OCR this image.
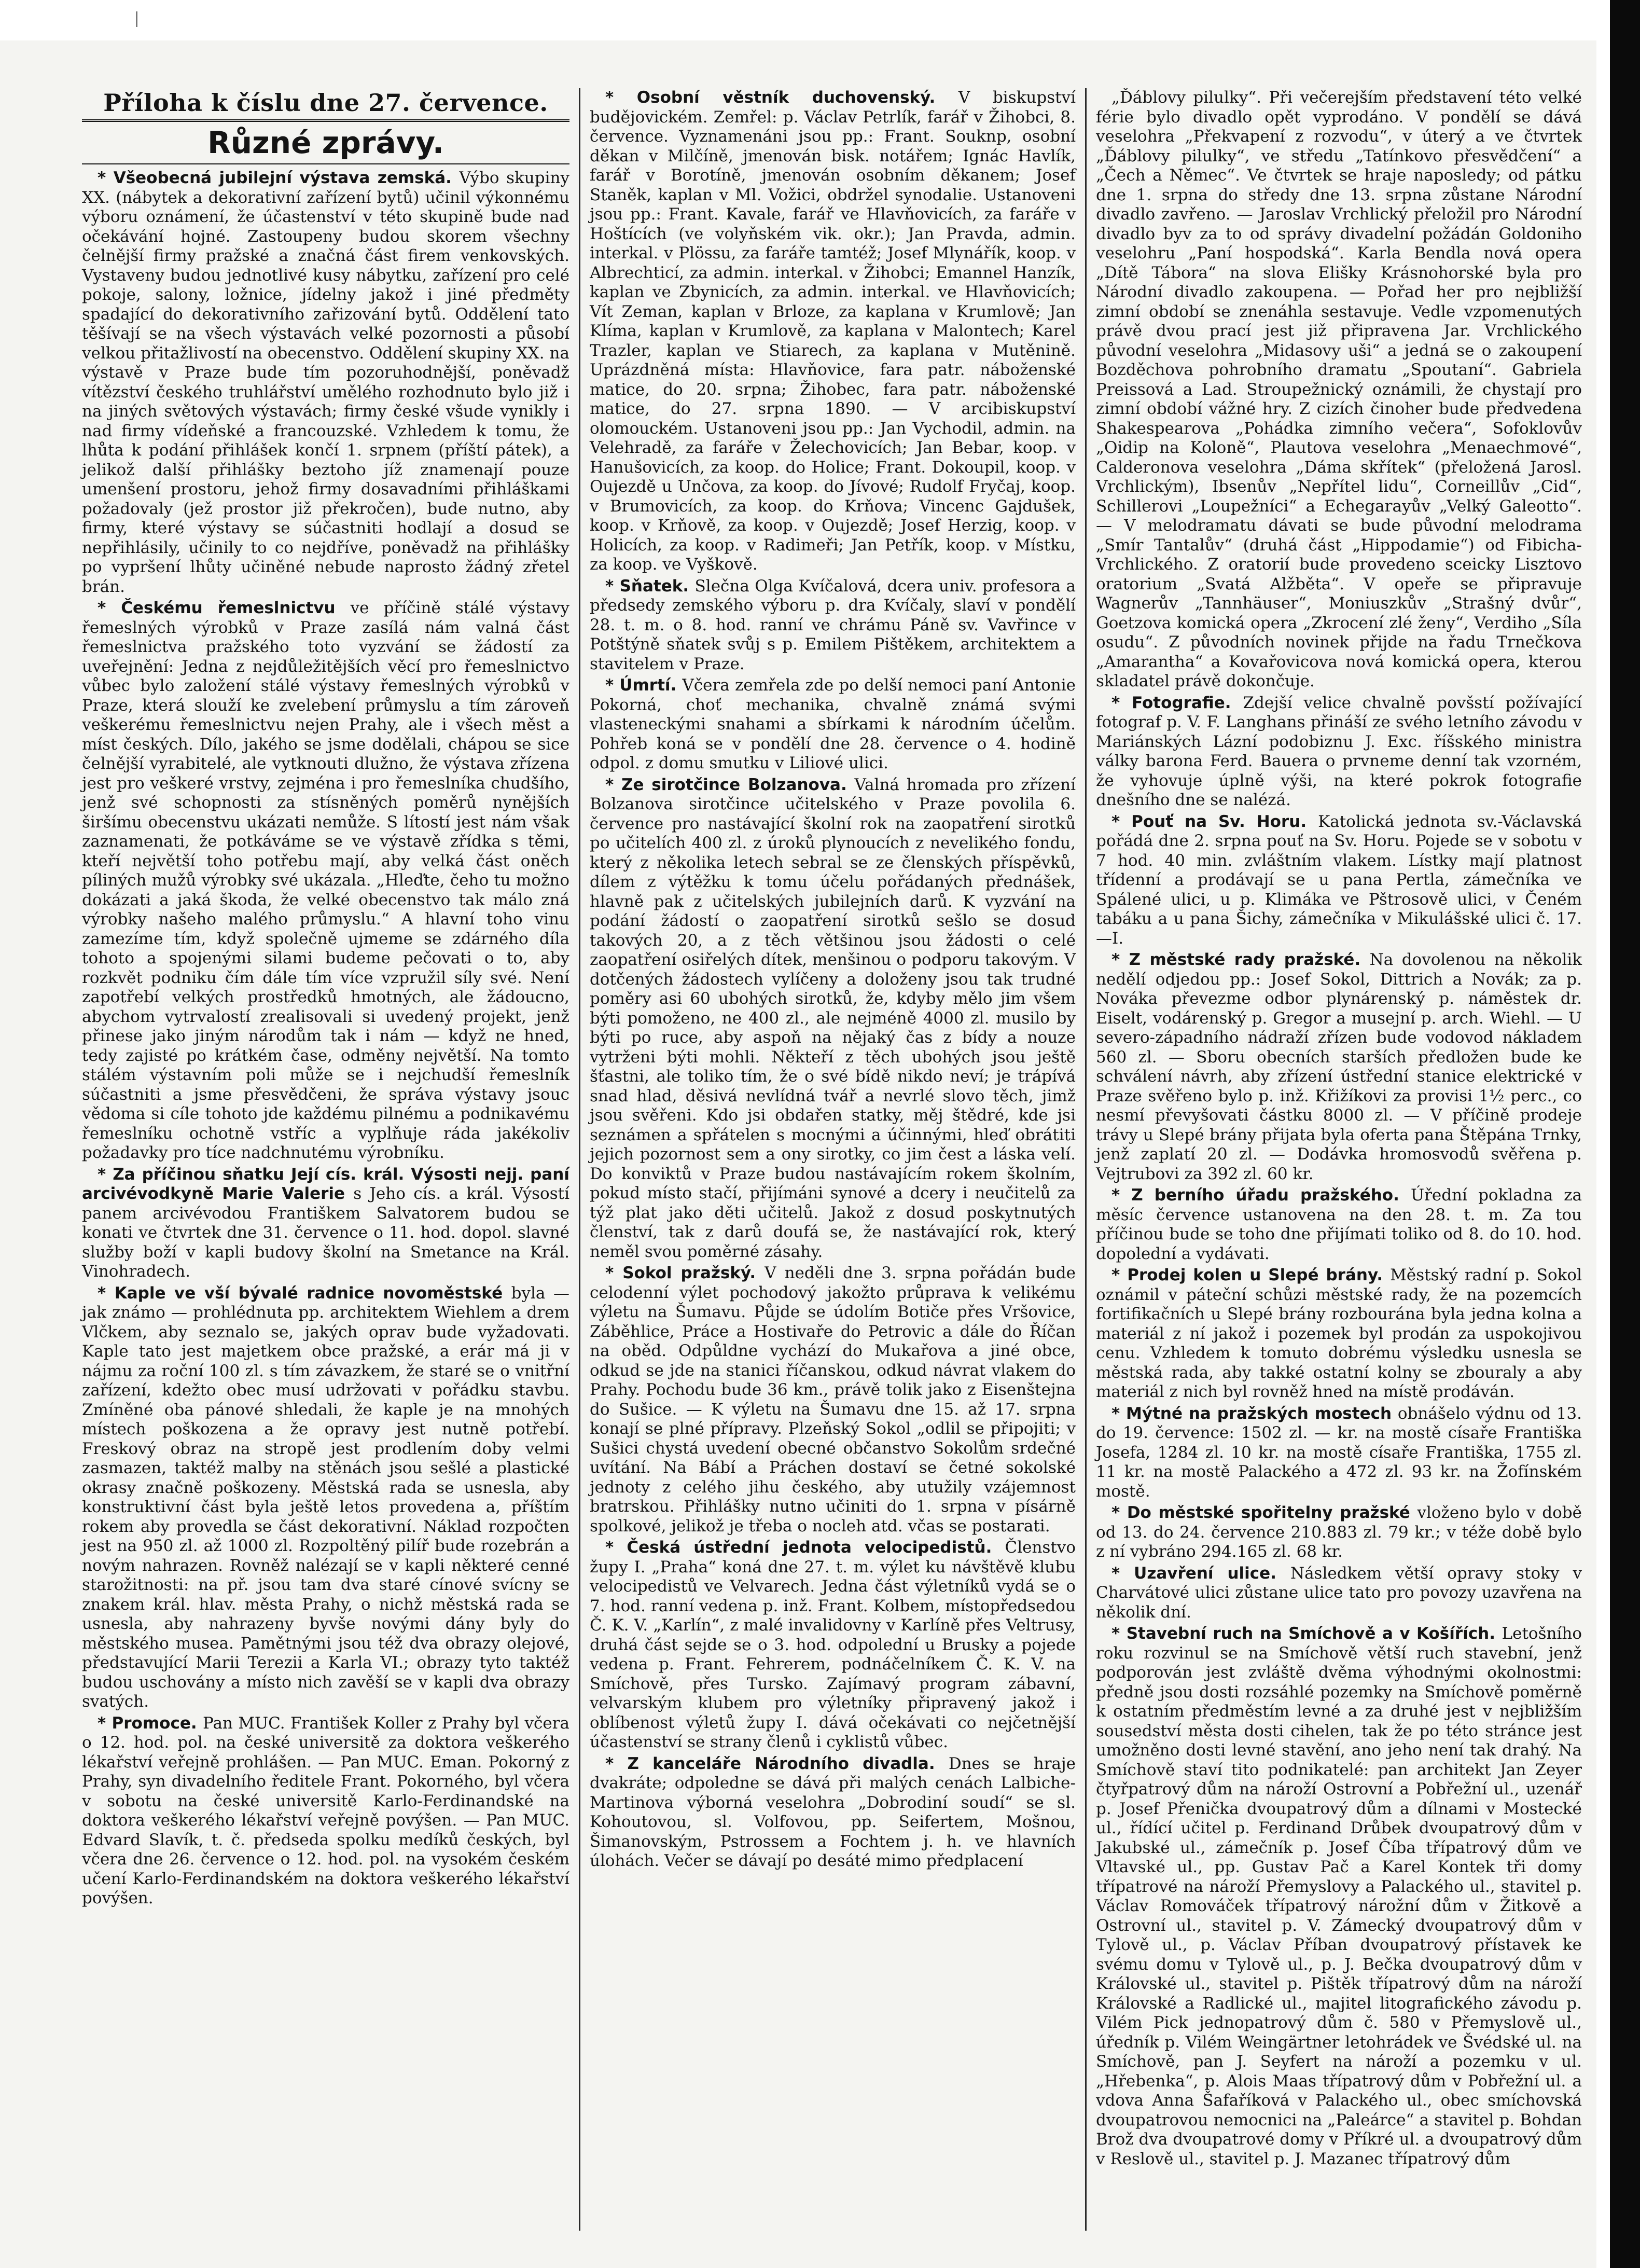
Příloha k číslu dne 27. července.
Různé zprávy.

* Všeobecná jubilejní výstava zemská. Výbo skupiny XX. (nábytek a dekorativní zařízení bytů) učinil výkonnému výboru oznámení, že účastenství v této skupině bude nad očekávání hojné. Zastoupeny budou skorem všechny čelnější firmy pražské a značná část firem venkovských. Vystaveny budou jednotlivé kusy nábytku, zařízení pro celé pokoje, salony, ložnice, jídelny jakož i jiné předměty spadající do dekorativního zařizování bytů. Oddělení tato těšívají se na všech výstavách velké pozornosti a působí velkou přitažlivostí na obecenstvo. Oddělení skupiny XX. na výstavě v Praze bude tím pozoruhodnější, poněvadž vítězství českého truhlářství umělého rozhodnuto bylo již i na jiných světových výstavách; firmy české všude vynikly i nad firmy vídeňské a francouzské. Vzhledem k tomu, že lhůta k podání přihlášek končí 1. srpnem (příští pátek), a jelikož další přihlášky beztoho jíž znamenají pouze umenšení prostoru, jehož firmy dosavadními přihláškami požadovaly (jež prostor již překročen), bude nutno, aby firmy, které výstavy se súčastniti hodlají a dosud se nepřihlásily, učinily to co nejdříve, poněvadž na přihlášky po vypršení lhůty učiněné nebude naprosto žádný zřetel brán.

* Českému řemeslnictvu ve příčině stálé výstavy řemeslných výrobků v Praze zasílá nám valná část řemeslnictva pražského toto vyzvání se žádostí za uveřejnění: Jedna z nejdůležitějších věcí pro řemeslnictvo vůbec bylo založení stálé výstavy řemeslných výrobků v Praze, která slouží ke zvelebení průmyslu a tím zároveň veškerému řemeslnictvu nejen Prahy, ale i všech měst a míst českých. Dílo, jakého se jsme dodělali, chápou se sice čelnější vyrabitelé, ale vytknouti dlužno, že výstava zřízena jest pro veškeré vrstvy, zejména i pro řemeslníka chudšího, jenž své schopnosti za stísněných poměrů nynějších širšímu obecenstvu ukázati nemůže. S lítostí jest nám však zaznamenati, že potkáváme se ve výstavě zřídka s těmi, kteří největší toho potřebu mají, aby velká část oněch píliných mužů výrobky své ukázala. „Hleďte, čeho tu možno dokázati a jaká škoda, že velké obecenstvo tak málo zná výrobky našeho malého průmyslu.“ A hlavní toho vinu zamezíme tím, když společně ujmeme se zdárného díla tohoto a spojenými silami budeme pečovati o to, aby rozkvět podniku čím dále tím více vzpružil síly své. Není zapotřebí velkých prostředků hmotných, ale žádoucno, abychom vytrvalostí zrealisovali si uvedený projekt, jenž přinese jako jiným národům tak i nám — když ne hned, tedy zajisté po krátkém čase, odměny největší. Na tomto stálém výstavním poli může se i nejchudší řemeslník súčastniti a jsme přesvědčeni, že správa výstavy jsouc vědoma si cíle tohoto jde každému pilnému a podnikavému řemeslníku ochotně vstříc a vyplňuje ráda jakékoliv požadavky pro tíce nadchnutému výrobníku.

* Za příčinou sňatku Její cís. král. Výsosti nejj. paní arcivévodkyně Marie Valerie s Jeho cís. a král. Výsostí panem arcivévodou Františkem Salvatorem budou se konati ve čtvrtek dne 31. července o 11. hod. dopol. slavné služby boží v kapli budovy školní na Smetance na Král. Vinohradech.

* Kaple ve vší bývalé radnice novoměstské byla — jak známo — prohlédnuta pp. architektem Wiehlem a drem Vlčkem, aby seznalo se, jakých oprav bude vyžadovati. Kaple tato jest majetkem obce pražské, a erár má ji v nájmu za roční 100 zl. s tím závazkem, že staré se o vnitřní zařízení, kdežto obec musí udržovati v pořádku stavbu. Zmíněné oba pánové shledali, že kaple je na mnohých místech poškozena a že opravy jest nutně potřebí. Freskový obraz na stropě jest prodlením doby velmi zasmazen, taktéž malby na stěnách jsou sešlé a plastické okrasy značně poškozeny. Městská rada se usnesla, aby konstruktivní část byla ještě letos provedena a, příštím rokem aby provedla se část dekorativní. Náklad rozpočten jest na 950 zl. až 1000 zl. Rozpoltěný pilíř bude rozebrán a novým nahrazen. Rovněž nalézají se v kapli některé cenné starožitnosti: na př. jsou tam dva staré cínové svícny se znakem král. hlav. města Prahy, o nichž městská rada se usnesla, aby nahrazeny byvše novými dány byly do městského musea. Pamětnými jsou též dva obrazy olejové, představující Marii Terezii a Karla VI.; obrazy tyto taktéž budou uschovány a místo nich zavěší se v kapli dva obrazy svatých.

* Promoce. Pan MUC. František Koller z Prahy byl včera o 12. hod. pol. na české universitě za doktora veškerého lékařství veřejně prohlášen. — Pan MUC. Eman. Pokorný z Prahy, syn divadelního ředitele Frant. Pokorného, byl včera v sobotu na české universitě Karlo-Ferdinandské na doktora veškerého lékařství veřejně povýšen. — Pan MUC. Edvard Slavík, t. č. předseda spolku medíků českých, byl včera dne 26. července o 12. hod. pol. na vysokém českém učení Karlo-Ferdinandském na doktora veškerého lékařství povýšen.

* Osobní věstník duchovenský. V biskupství budějovickém. Zemřel: p. Václav Petrlík, farář v Žihobci, 8. července. Vyznamenáni jsou pp.: Frant. Souknp, osobní děkan v Milčíně, jmenován bisk. notářem; Ignác Havlík, farář v Borotíně, jmenován osobním děkanem; Josef Staněk, kaplan v Ml. Vožici, obdržel synodalie. Ustanoveni jsou pp.: Frant. Kavale, farář ve Hlavňovicích, za faráře v Hoštících (ve volyňském vik. okr.); Jan Pravda, admin. interkal. v Plössu, za faráře tamtéž; Josef Mlynářík, koop. v Albrechticí, za admin. interkal. v Žihobci; Emannel Hanzík, kaplan ve Zbynicích, za admin. interkal. ve Hlavňovicích; Vít Zeman, kaplan v Brloze, za kaplana v Krumlově; Jan Klíma, kaplan v Krumlově, za kaplana v Malontech; Karel Trazler, kaplan ve Stiarech, za kaplana v Mutěnině. Uprázdněná místa: Hlavňovice, fara patr. náboženské matice, do 20. srpna; Žihobec, fara patr. náboženské matice, do 27. srpna 1890. — V arcibiskupství olomouckém. Ustanoveni jsou pp.: Jan Vychodil, admin. na Velehradě, za faráře v Želechovicích; Jan Bebar, koop. v Hanušovicích, za koop. do Holice; Frant. Dokoupil, koop. v Oujezdě u Unčova, za koop. do Jívové; Rudolf Fryčaj, koop. v Brumovicích, za koop. do Krňova; Vincenc Gajdušek, koop. v Krňově, za koop. v Oujezdě; Josef Herzig, koop. v Holicích, za koop. v Radimeři; Jan Petřík, koop. v Místku, za koop. ve Vyškově.

* Sňatek. Slečna Olga Kvíčalová, dcera univ. profesora a předsedy zemského výboru p. dra Kvíčaly, slaví v pondělí 28. t. m. o 8. hod. ranní ve chrámu Páně sv. Vavřince v Potštýně sňatek svůj s p. Emilem Pištěkem, architektem a stavitelem v Praze.

* Úmrtí. Včera zemřela zde po delší nemoci paní Antonie Pokorná, choť mechanika, chvalně známá svými vlasteneckými snahami a sbírkami k národním účelům. Pohřeb koná se v pondělí dne 28. července o 4. hodině odpol. z domu smutku v Liliové ulici.

* Ze sirotčince Bolzanova. Valná hromada pro zřízení Bolzanova sirotčince učitelského v Praze povolila 6. července pro nastávající školní rok na zaopatření sirotků po učitelích 400 zl. z úroků plynoucích z nevelikého fondu, který z několika letech sebral se ze členských příspěvků, dílem z výtěžku k tomu účelu pořádaných přednášek, hlavně pak z učitelských jubilejních darů. K vyzvání na podání žádostí o zaopatření sirotků sešlo se dosud takových 20, a z těch většinou jsou žádosti o celé zaopatření osiřelých dítek, menšinou o podporu takovým. V dotčených žádostech vylíčeny a doloženy jsou tak trudné poměry asi 60 ubohých sirotků, že, kdyby mělo jim všem býti pomoženo, ne 400 zl., ale nejméně 4000 zl. musilo by býti po ruce, aby aspoň na nějaký čas z bídy a nouze vytrženi býti mohli. Někteří z těch ubohých jsou ještě šťastni, ale toliko tím, že o své bídě nikdo neví; je trápívá snad hlad, děsivá nevlídná tvář a nevrlé slovo těch, jimž jsou svěřeni. Kdo jsi obdařen statky, měj štědré, kde jsi seznámen a spřátelen s mocnými a účinnými, hleď obrátiti jejich pozornost sem a ony sirotky, co jim čest a láska velí. Do konviktů v Praze budou nastávajícím rokem školním, pokud místo stačí, přijímáni synové a dcery i neučitelů za týž plat jako děti učitelů. Jakož z dosud poskytnutých členství, tak z darů doufá se, že nastávající rok, který neměl svou poměrné zásahy.

* Sokol pražský. V neděli dne 3. srpna pořádán bude celodenní výlet pochodový jakožto průprava k velikému výletu na Šumavu. Půjde se údolím Botiče přes Vršovice, Záběhlice, Práce a Hostivaře do Petrovic a dále do Říčan na oběd. Odpůldne vychází do Mukařova a jiné obce, odkud se jde na stanici říčanskou, odkud návrat vlakem do Prahy. Pochodu bude 36 km., právě tolik jako z Eisenštejna do Sušice. — K výletu na Šumavu dne 15. až 17. srpna konají se plné přípravy. Plzeňský Sokol „odlil se připojiti; v Sušici chystá uvedení obecné občanstvo Sokolům srdečné uvítání. Na Bábí a Práchen dostaví se četné sokolské jednoty z celého jihu českého, aby utužily vzájemnost bratrskou. Přihlášky nutno učiniti do 1. srpna v písárně spolkové, jelikož je třeba o nocleh atd. včas se postarati.

* Česká ústřední jednota velocipedistů. Členstvo župy I. „Praha“ koná dne 27. t. m. výlet ku návštěvě klubu velocipedistů ve Velvarech. Jedna část výletníků vydá se o 7. hod. ranní vedena p. inž. Frant. Kolbem, místopředsedou Č. K. V. „Karlín“, z malé invalidovny v Karlíně přes Veltrusy, druhá část sejde se o 3. hod. odpolední u Brusky a pojede vedena p. Frant. Fehrerem, podnáčelníkem Č. K. V. na Smíchově, přes Tursko. Zajímavý program zábavní, velvarským klubem pro výletníky připravený jakož i oblíbenost výletů župy I. dává očekávati co nejčetnější účastenství se strany členů i cyklistů vůbec.

* Z kanceláře Národního divadla. Dnes se hraje dvakráte; odpoledne se dává při malých cenách Lalbiche-Martinova výborná veselohra „Dobrodiní soudí“ se sl. Kohoutovou, sl. Volfovou, pp. Seifertem, Mošnou, Šimanovským, Pstrossem a Fochtem j. h. ve hlavních úlohách. Večer se dávají po desáté mimo předplacení

„Ďáblovy pilulky“. Při večerejším představení této velké férie bylo divadlo opět vyprodáno. V pondělí se dává veselohra „Překvapení z rozvodu“, v úterý a ve čtvrtek „Ďáblovy pilulky“, ve středu „Tatínkovo přesvědčení“ a „Čech a Němec“. Ve čtvrtek se hraje naposledy; od pátku dne 1. srpna do středy dne 13. srpna zůstane Národní divadlo zavřeno. — Jaroslav Vrchlický přeložil pro Národní divadlo byv za to od správy divadelní požádán Goldoniho veselohru „Paní hospodská“. Karla Bendla nová opera „Dítě Tábora“ na slova Elišky Krásnohorské byla pro Národní divadlo zakoupena. — Pořad her pro nejbližší zimní období se znenáhla sestavuje. Vedle vzpomenutých právě dvou prací jest již připravena Jar. Vrchlického původní veselohra „Midasovy uši“ a jedná se o zakoupení Bozděchova pohrobního dramatu „Spoutaní“. Gabriela Preissová a Lad. Stroupežnický oznámili, že chystají pro zimní období vážné hry. Z cizích činoher bude předvedena Shakespearova „Pohádka zimního večera“, Sofoklovův „Oidip na Koloně“, Plautova veselohra „Menaechmové“, Calderonova veselohra „Dáma skřítek“ (přeložená Jarosl. Vrchlickým), Ibsenův „Nepřítel lidu“, Corneillův „Cid“, Schillerovi „Loupežníci“ a Echegarayův „Velký Galeotto“. — V melodramatu dávati se bude původní melodrama „Smír Tantalův“ (druhá část „Hippodamie“) od Fibicha-Vrchlického. Z oratorií bude provedeno sceicky Lisztovo oratorium „Svatá Alžběta“. V opeře se připravuje Wagnerův „Tannhäuser“, Moniuszkův „Strašný dvůr“, Goetzova komická opera „Zkrocení zlé ženy“, Verdiho „Síla osudu“. Z původních novinek přijde na řadu Trnečkova „Amarantha“ a Kovařovicova nová komická opera, kterou skladatel právě dokončuje.

* Fotografie. Zdejší velice chvalně povšstí požívající fotograf p. V. F. Langhans přináší ze svého letního závodu v Mariánských Lázní podobiznu J. Exc. říšského ministra války barona Ferd. Bauera o prvneme denní tak vzorném, že vyhovuje úplně výši, na které pokrok fotografie dnešního dne se nalézá.

* Pouť na Sv. Horu. Katolická jednota sv.-Václavská pořádá dne 2. srpna pouť na Sv. Horu. Pojede se v sobotu v 7 hod. 40 min. zvláštním vlakem. Lístky mají platnost třídenní a prodávají se u pana Pertla, zámečníka ve Spálené ulici, u p. Klimáka ve Pštrosově ulici, v Čeném tabáku a u pana Šichy, zámečníka v Mikulášské ulici č. 17.—I.

* Z městské rady pražské. Na dovolenou na několik nedělí odjedou pp.: Josef Sokol, Dittrich a Novák; za p. Nováka převezme odbor plynárenský p. náměstek dr. Eiselt, vodárenský p. Gregor a musejní p. arch. Wiehl. — U severo-západního nádraží zřízen bude vodovod nákladem 560 zl. — Sboru obecních starších předložen bude ke schválení návrh, aby zřízení ústřední stanice elektrické v Praze svěřeno bylo p. inž. Křižíkovi za provisi 1½ perc., co nesmí převyšovati částku 8000 zl. — V příčině prodeje trávy u Slepé brány přijata byla oferta pana Štěpána Trnky, jenž zaplatí 20 zl. — Dodávka hromosvodů svěřena p. Vejtrubovi za 392 zl. 60 kr.

* Z berního úřadu pražského. Úřední pokladna za měsíc července ustanovena na den 28. t. m. Za tou příčinou bude se toho dne přijímati toliko od 8. do 10. hod. dopolední a vydávati.

* Prodej kolen u Slepé brány. Městský radní p. Sokol oznámil v páteční schůzi městské rady, že na pozemcích fortifikačních u Slepé brány rozbourána byla jedna kolna a materiál z ní jakož i pozemek byl prodán za uspokojivou cenu. Vzhledem k tomuto dobrému výsledku usnesla se městská rada, aby takké ostatní kolny se zbouraly a aby materiál z nich byl rovněž hned na místě prodáván.

* Mýtné na pražských mostech obnášelo výdnu od 13. do 19. července: 1502 zl. — kr. na mostě císaře Františka Josefa, 1284 zl. 10 kr. na mostě císaře Františka, 1755 zl. 11 kr. na mostě Palackého a 472 zl. 93 kr. na Žofínském mostě.

* Do městské spořitelny pražské vloženo bylo v době od 13. do 24. července 210.883 zl. 79 kr.; v téže době bylo z ní vybráno 294.165 zl. 68 kr.

* Uzavření ulice. Následkem větší opravy stoky v Charvátové ulici zůstane ulice tato pro povozy uzavřena na několik dní.

* Stavební ruch na Smíchově a v Košířích. Letošního roku rozvinul se na Smíchově větší ruch stavební, jenž podporován jest zvláště dvěma výhodnými okolnostmi: předně jsou dosti rozsáhlé pozemky na Smíchově poměrně k ostatním předměstím levné a za druhé jest v nejbližším sousedství města dosti cihelen, tak že po této stránce jest umožněno dosti levné stavění, ano jeho není tak drahý. Na Smíchově staví tito podnikatelé: pan architekt Jan Zeyer čtyřpatrový dům na nároží Ostrovní a Pobřežní ul., uzenář p. Josef Přenička dvoupatrový dům a dílnami v Mostecké ul., řídící učitel p. Ferdinand Drůbek dvoupatrový dům v Jakubské ul., zámečník p. Josef Číba třípatrový dům ve Vltavské ul., pp. Gustav Pač a Karel Kontek tři domy třípatrové na nároží Přemyslovy a Palackého ul., stavitel p. Václav Romováček třípatrový nárožní dům v Žitkově a Ostrovní ul., stavitel p. V. Zámecký dvoupatrový dům v Tylově ul., p. Václav Příban dvoupatrový přístavek ke svému domu v Tylově ul., p. J. Bečka dvoupatrový dům v Královské ul., stavitel p. Pištěk třípatrový dům na nároží Královské a Radlické ul., majitel litografického závodu p. Vilém Pick jednopatrový dům č. 580 v Přemyslově ul., úředník p. Vilém Weingärtner letohrádek ve Švédské ul. na Smíchově, pan J. Seyfert na nároží a pozemku v ul. „Hřebenka“, p. Alois Maas třípatrový dům v Pobřežní ul. a vdova Anna Šafaříková v Palackého ul., obec smíchovská dvoupatrovou nemocnici na „Paleárce“ a stavitel p. Bohdan Brož dva dvoupatrové domy v Příkré ul. a dvoupatrový dům v Reslově ul., stavitel p. J. Mazanec třípatrový dům
